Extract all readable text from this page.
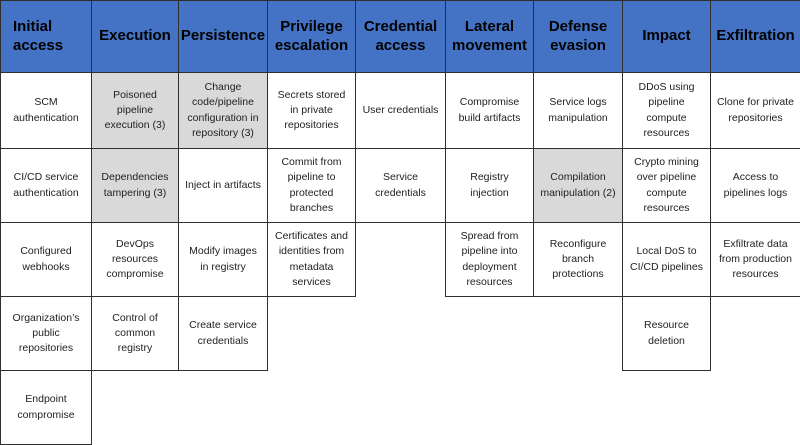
Initial access
SCM authentication
CI/CD service authentication
Configured webhooks
Organization’s public repositories
Endpoint compromise
Execution
Poisoned pipeline execution (3)
Dependencies tampering (3)
DevOps resources compromise
Control of common registry
Persistence
Change code/pipeline configuration in repository (3)
Inject in artifacts
Modify images in registry
Create service credentials
Privilege escalation
Secrets stored in private repositories
Commit from pipeline to protected branches
Certificates and identities from metadata services
Credential access
User credentials
Service credentials
Lateral movement
Compromise build artifacts
Registry injection
Spread from pipeline into deployment resources
Defense evasion
Service logs manipulation
Compilation manipulation (2)
Reconfigure branch protections
Impact
DDoS using pipeline compute resources
Crypto mining over pipeline compute resources
Local DoS to CI/CD pipelines
Resource deletion
Exfiltration
Clone for private repositories
Access to pipelines logs
Exfiltrate data from production resources
